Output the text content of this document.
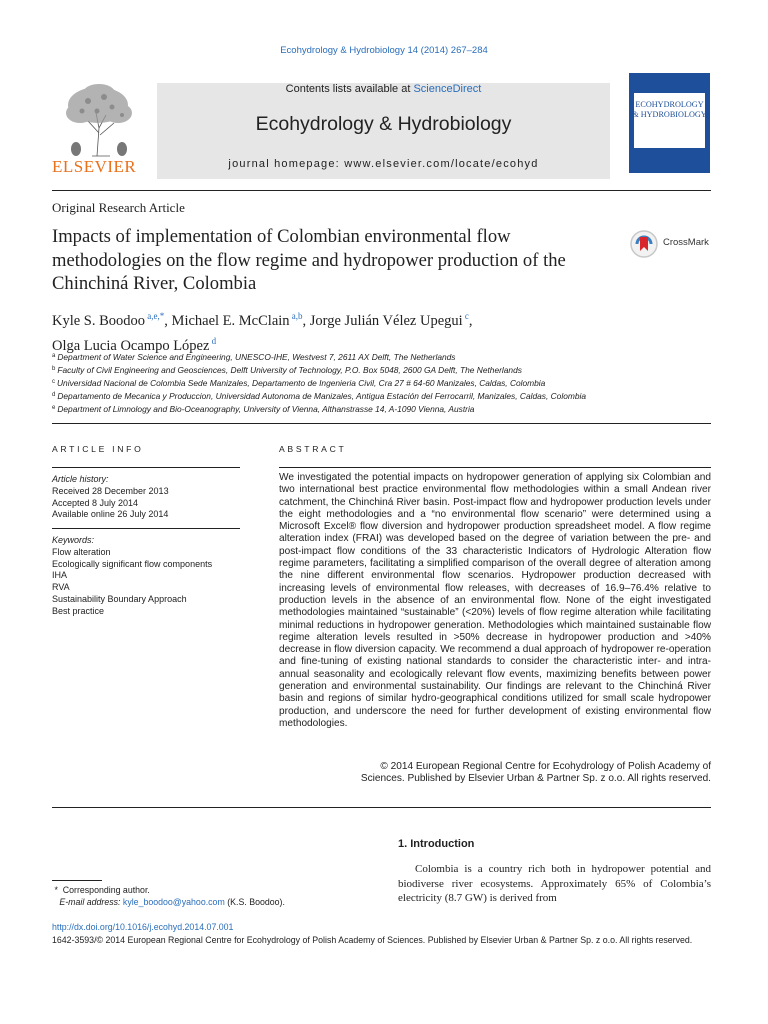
Ecohydrology & Hydrobiology 14 (2014) 267–284
ELSEVIER
Contents lists available at ScienceDirect
Ecohydrology & Hydrobiology
journal homepage: www.elsevier.com/locate/ecohyd
ECOHYDROLOGY & HYDROBIOLOGY
Original Research Article
Impacts of implementation of Colombian environmental flow methodologies on the flow regime and hydropower production of the Chinchiná River, Colombia
CrossMark
Kyle S. Boodoo $^{a,e,*}$, Michael E. McClain $^{a,b}$, Jorge Julián Vélez Upegui $^c$,
Olga Lucia Ocampo López $^d$
$^a$ Department of Water Science and Engineering, UNESCO-IHE, Westvest 7, 2611 AX Delft, The Netherlands
$^b$ Faculty of Civil Engineering and Geosciences, Delft University of Technology, P.O. Box 5048, 2600 GA Delft, The Netherlands
$^c$ Universidad Nacional de Colombia Sede Manizales, Departamento de Ingenieria Civil, Cra 27 # 64-60 Manizales, Caldas, Colombia
$^d$ Departamento de Mecanica y Produccion, Universidad Autonoma de Manizales, Antigua Estación del Ferrocarril, Manizales, Caldas, Colombia
$^e$ Department of Limnology and Bio-Oceanography, University of Vienna, Althanstrasse 14, A-1090 Vienna, Austria
ARTICLE INFO
Article history:
Received 28 December 2013
Accepted 8 July 2014
Available online 26 July 2014
Keywords:
Flow alteration
Ecologically significant flow components
IHA
RVA
Sustainability Boundary Approach
Best practice
ABSTRACT
We investigated the potential impacts on hydropower generation of applying six Colombian and two international best practice environmental flow methodologies within a small Andean river catchment, the Chinchiná River basin. Post-impact flow and hydropower production levels under the eight methodologies and a “no environmental flow scenario” were determined using a Microsoft Excel® flow diversion and hydropower production spreadsheet model. A flow regime alteration index (FRAI) was developed based on the degree of variation between the pre- and post-impact flow conditions of the 33 characteristic Indicators of Hydrologic Alteration flow regime parameters, facilitating a simplified comparison of the overall degree of alteration among the nine different environmental flow scenarios. Hydropower production decreased with increasing levels of environmental flow releases, with decreases of 16.9–76.4% relative to production levels in the absence of an environmental flow. None of the eight investigated methodologies maintained “sustainable” (<20%) levels of flow regime alteration while facilitating minimal reductions in hydropower generation. Methodologies which maintained sustainable flow regime alteration levels resulted in >50% decrease in hydropower production and >40% decrease in flow diversion capacity. We recommend a dual approach of hydropower re-operation and fine-tuning of existing national standards to consider the characteristic inter- and intra-annual seasonality and ecologically relevant flow events, maximizing benefits between power generation and environmental sustainability. Our findings are relevant to the Chinchiná River basin and regions of similar hydro-geographical conditions utilized for small scale hydropower production, and underscore the need for further development of existing environmental flow methodologies.
© 2014 European Regional Centre for Ecohydrology of Polish Academy of
Sciences. Published by Elsevier Urban & Partner Sp. z o.o. All rights reserved.
1. Introduction
Colombia is a country rich both in hydropower potential and biodiverse river ecosystems. Approximately 65% of Colombia’s electricity (8.7 GW) is derived from
* Corresponding author.
E-mail address: kyle_boodoo@yahoo.com (K.S. Boodoo).
http://dx.doi.org/10.1016/j.ecohyd.2014.07.001
1642-3593/© 2014 European Regional Centre for Ecohydrology of Polish Academy of Sciences. Published by Elsevier Urban & Partner Sp. z o.o. All rights reserved.
